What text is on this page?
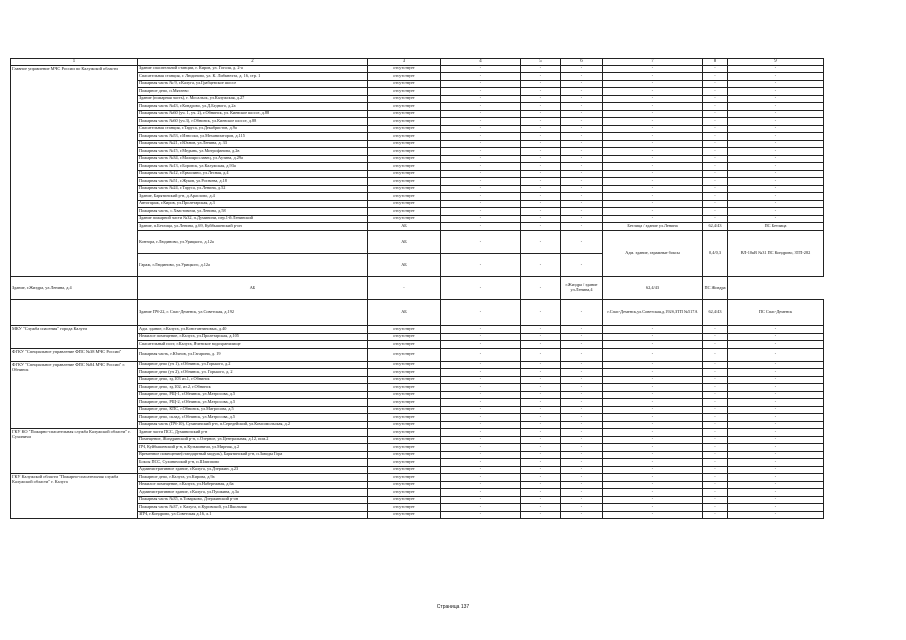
1	2	3	4	5	6	7	8	9
Главное управление МЧС России по Калужской области	Здание спасательной станции, г. Киров, ул. Гоголя, д. 2-а	отсутствует	-	-	-	-	-	-
	Спасательная станция, г. Людиново, ул. К. Либкнехта, д. 16, стр. 1	отсутствует	-	-	-	-	-	-
	Пожарная часть № 9, г.Калуга, ул.Грабцевское шоссе	отсутствует	-	-	-	-	-	-
	Пожарное депо, п.Мятлево	отсутствует	-	-	-	-	-	-
	Здание (пожарная часть), г. Мосальск, ул.Калужская, д.27	отсутствует	-	-	-	-	-	-
	Пожарная часть №43, г.Кондрово, ул.Д.Бедного, д.2а	отсутствует	-	-	-	-	-	-
	Пожарная часть №60 (уч. 1, уч. 2), г.Обнинск, ул. Киевское шоссе, д.88	отсутствует	-	-	-	-	-	-
	Пожарная часть №60 (уч.3), г.Обнинск, ул.Киевское шоссе, д.88	отсутствует	-	-	-	-	-	-
	Спасательная станция, г.Таруса, ул.Декабристов, д.9а	отсутствует	-	-	-	-	-	-
	Пожарная часть №53, г.Износки, ул.Механизаторов, д.115	отсутствует	-	-	-	-	-	-
	Пожарная часть №21, г.Юхнов, ул.Ленина, д. 33	отсутствует	-	-	-	-	-	-
	Пожарная часть №15, г.Медынь, ул.Митрофанова, д.2в	отсутствует	-	-	-	-	-	-
	Пожарная часть №34, г.Малоярославец, ул.Аузина, д.29а	отсутствует	-	-	-	-	-	-
	Пожарная часть №13, г.Боровск, ул.Калужская, д.93а	отсутствует	-	-	-	-	-	-
	Пожарная часть №12, г.Ермолино, ул.Лесная, д.4	отсутствует	-	-	-	-	-	-
	Пожарная часть №51, г.Жуков, ул.Рогачева, д.18	отсутствует	-	-	-	-	-	-
	Пожарная часть №24, г.Таруса, ул.Ленина, д.52	отсутствует	-	-	-	-	-	-
	Здание, Барятинский р-н, д.Араслово, д.4	отсутствует	-	-	-	-	-	-
	Автогараж, г.Киров, ул.Пролетарская, д.3	отсутствует	-	-	-	-	-	-
	Пожарная часть, с.Хвастовичи, ул.Ленина, д.58	отсутствует	-	-	-	-	-	-
	Здание пожарной части №32, п.Думиничи, пер.1-й Ленинский	отсутствует	-	-	-	-	-	-
	Здание, п.Бетлица, ул.Ленина, д.69, Куйбышевский р-он	АБ	-	-	-	Бетлица / здание ул.Ленина	62,4/43	ПС Бетлица
	Контора, г.Людиново, ул.Урицкого, д.12а	АБ	-	-	-	Адм. здание, гаражные боксы	0,4/0,3	ВЛ-10кВ №31 ПС Кондрово, ЗТП-282
	Гараж, г.Людиново, ул.Урицкого, д.12а	АБ	-	-	-			
Здание, г.Жиздра, ул.Ленина, д.4	АБ	-	-	-	г.Жиздра / здание ул.Ленина,4	62,4/43	ПС Жиздра	
	Здание ПЧ-22, г. Спас-Деменск, ул.Советская, д.192	АБ	-	-	-	г.Спас-Деменск,ул.Советская,д.192б,ЗТП №517А	62,4/43	ПС Спас-Деменск
МКУ "Служба спасения" города Калуги	Адм. здание, г.Калуга, ул.Константиновых, д.40	отсутствует	-	-	-	-	-	-
	Нежилое помещение, г.Калуга, ул.Пролетарская, д.105	отсутствует	-	-	-	-	-	-
	Спасательный пост, г.Калуга, Яченское водохранилище	отсутствует	-	-	-	-	-	-
ФГКУ "Специальное управление ФПС №38 МЧС России"	Пожарная часть, г.Юхнов, ул.Гагарина, д. 19	отсутствует	-	-	-	-	-	-
ФГКУ "Специальное управление ФПС №84 МЧС России" г. Обнинск	Пожарное депо (уч 1), г.Обнинск, ул.Горького, д.2	отсутствует	-	-	-	-	-	-
	Пожарное депо (уч 2), г.Обнинск, ул. Горького, д. 2	отсутствует	-	-	-	-	-	-
	Пожарное депо, зд.103 из.1, г.Обнинск	отсутствует	-	-	-	-	-	-
	Пожарное депо, зд.102, из.2, г.Обнинск	отсутствует	-	-	-	-	-	-
	Пожарное депо, РЩ-1, г.Обнинск, ул.Матросова, д.5	отсутствует	-	-	-	-	-	-
	Пожарное депо, РЩ-2, г.Обнинск, ул.Матросова, д.5	отсутствует	-	-	-	-	-	-
	Пожарное депо, КПС, г.Обнинск, ул.Матросова, д.5	отсутствует	-	-	-	-	-	-
	Пожарное депо, склад, г.Обнинск, ул.Матросова, д.5	отсутствует	-	-	-	-	-	-
	Пожарная часть (ПЧ-10), Сухиничский р-н, п.Середейский, ул.Комсомольская, д.2	отсутствует	-	-	-	-	-	-
ГКУ КО "Пожарно-спасательная служба Калужской области" г. Сухиничи	Здание части ПСС, Думиничский р-н	отсутствует	-	-	-	-	-	-
	Помещение, Жиздринский р-н, с.Озерное, ул.Центральная, д.12, пом.2	отсутствует	-	-	-	-	-	-
	ПЧ, Куйбышевский р-н, п.Кузьминичи, ул.Мирная, д.2	отсутствует	-	-	-	-	-	-
	Временное помещение(стандартный модуль), Барятинский р-н, п.Заводы Гора	отсутствует	-	-	-	-	-	-
	Боксы ПСС, Сухиничский р-н, п.Шлиппово	отсутствует	-	-	-	-	-	-
	Административное здание, г.Калуга, ул.Дзержин. д.23	отсутствует	-	-	-	-	-	-
ГКУ Калужской области "Пожарно-спасательная служба Калужской области" г. Калуга	Пожарное депо, г.Калуга, ул.Кирова, д.9а	отсутствует	-	-	-	-	-	-
	Нежилое помещение, г.Калуга, ул.Набережная, д.6а	отсутствует	-	-	-	-	-	-
	Административное здание, г.Калуга, ул.Пушкина, д.3а	отсутствует	-	-	-	-	-	-
	Пожарная часть №35, п.Товарково, Дзержинский р-он	отсутствует	-	-	-	-	-	-
	Пожарная часть №37, г. Калуга, п.Куровской, ул.Школьная	отсутствует	-	-	-	-	-	-
	ЗПЧ, г.Кондрово, ул.Советская д.16, л.1	отсутствует	-	-	-	-	-	-
Страница 137
